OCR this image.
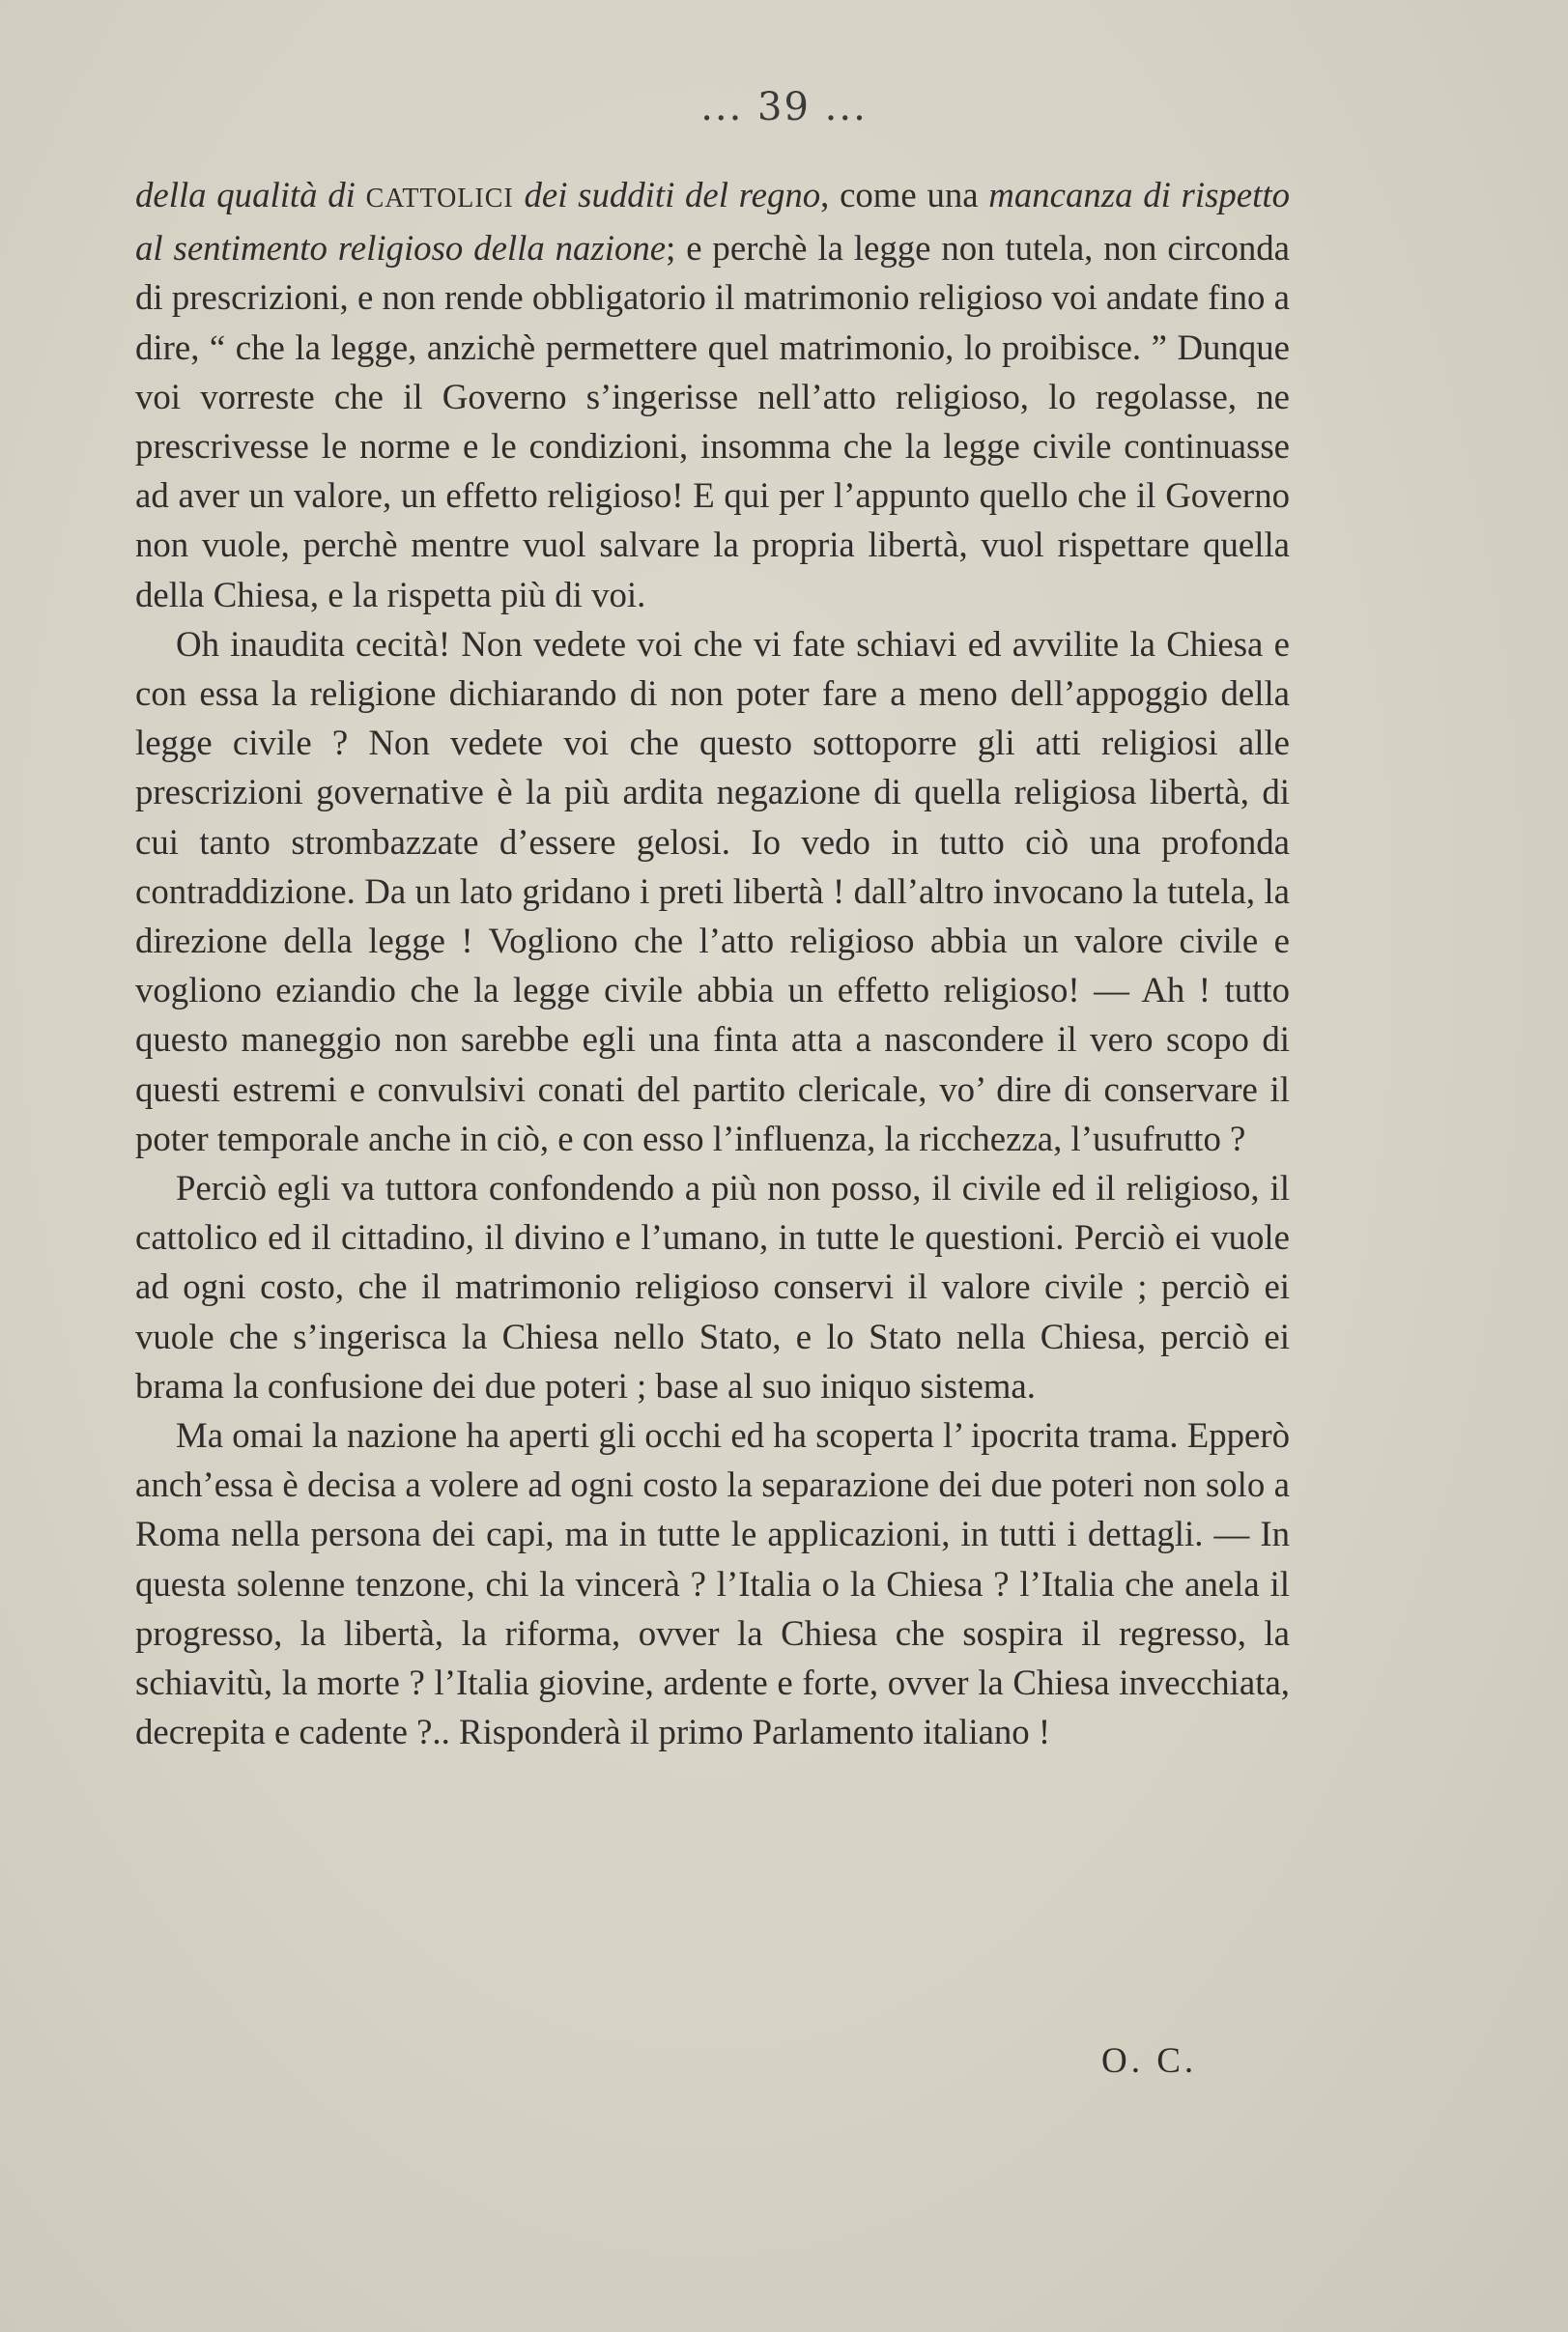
... 39 ...

della qualità di CATTOLICI dei sudditi del regno, come una mancanza di rispetto al sentimento religioso della nazione; e perchè la legge non tutela, non circonda di prescrizioni, e non rende obbligatorio il matrimonio religioso voi andate fino a dire, “ che la legge, anzichè permettere quel matrimonio, lo proibisce. ” Dunque voi vorreste che il Governo s’ingerisse nell’atto religioso, lo regolasse, ne prescrivesse le norme e le condizioni, insomma che la legge civile continuasse ad aver un valore, un effetto religioso! E qui per l’appunto quello che il Governo non vuole, perchè mentre vuol salvare la propria libertà, vuol rispettare quella della Chiesa, e la rispetta più di voi.

Oh inaudita cecità! Non vedete voi che vi fate schiavi ed avvilite la Chiesa e con essa la religione dichiarando di non poter fare a meno dell’appoggio della legge civile ? Non vedete voi che questo sottoporre gli atti religiosi alle prescrizioni governative è la più ardita negazione di quella religiosa libertà, di cui tanto strombazzate d’essere gelosi. Io vedo in tutto ciò una profonda contraddizione. Da un lato gridano i preti libertà ! dall’altro invocano la tutela, la direzione della legge ! Vogliono che l’atto religioso abbia un valore civile e vogliono eziandio che la legge civile abbia un effetto religioso! — Ah ! tutto questo maneggio non sarebbe egli una finta atta a nascondere il vero scopo di questi estremi e convulsivi conati del partito clericale, vo’ dire di conservare il poter temporale anche in ciò, e con esso l’influenza, la ricchezza, l’usufrutto ?

Perciò egli va tuttora confondendo a più non posso, il civile ed il religioso, il cattolico ed il cittadino, il divino e l’umano, in tutte le questioni. Perciò ei vuole ad ogni costo, che il matrimonio religioso conservi il valore civile ; perciò ei vuole che s’ingerisca la Chiesa nello Stato, e lo Stato nella Chiesa, perciò ei brama la confusione dei due poteri ; base al suo iniquo sistema.

Ma omai la nazione ha aperti gli occhi ed ha scoperta l’ ipocrita trama. Epperò anch’essa è decisa a volere ad ogni costo la separazione dei due poteri non solo a Roma nella persona dei capi, ma in tutte le applicazioni, in tutti i dettagli. — In questa solenne tenzone, chi la vincerà ? l’Italia o la Chiesa ? l’Italia che anela il progresso, la libertà, la riforma, ovver la Chiesa che sospira il regresso, la schiavitù, la morte ? l’Italia giovine, ardente e forte, ovver la Chiesa invecchiata, decrepita e cadente ?.. Risponderà il primo Parlamento italiano !

O. C.
